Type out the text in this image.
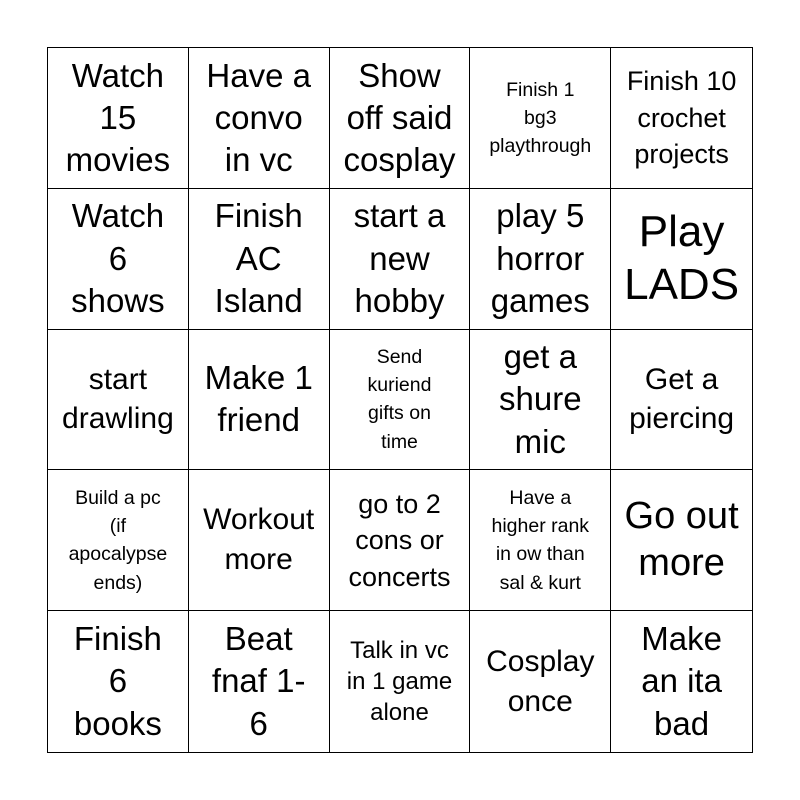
Watch
15
movies
Have a
convo
in vc
Show
off said
cosplay
Finish 1
bg3
playthrough
Finish 10
crochet
projects
Watch
6
shows
Finish
AC
Island
start a
new
hobby
play 5
horror
games
Play
LADS
start
drawling
Make 1
friend
Send
kuriend
gifts on
time
get a
shure
mic
Get a
piercing
Build a pc
(if
apocalypse
ends)
Workout
more
go to 2
cons or
concerts
Have a
higher rank
in ow than
sal & kurt
Go out
more
Finish
6
books
Beat
fnaf 1-
6
Talk in vc
in 1 game
alone
Cosplay
once
Make
an ita
bad
